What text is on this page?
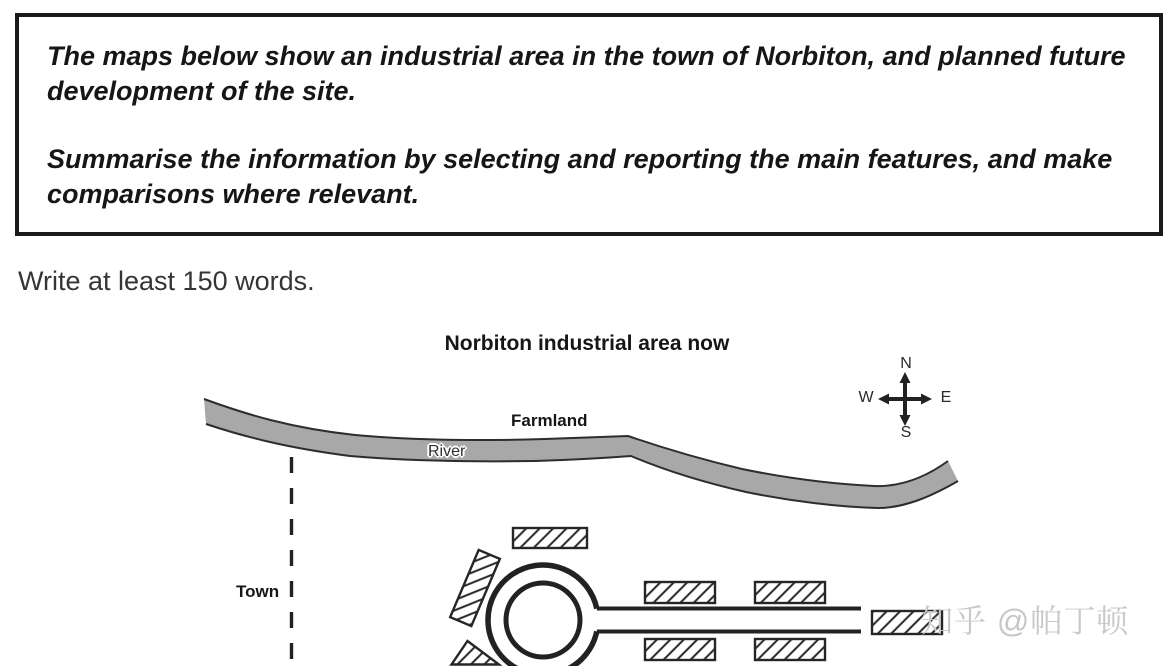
The maps below show an industrial area in the town of Norbiton, and planned future development of the site.

Summarise the information by selecting and reporting the main features, and make comparisons where relevant.

Write at least 150 words.
Norbiton industrial area now
Farmland
River
Town
N
E
S
W
知乎 @帕丁顿
